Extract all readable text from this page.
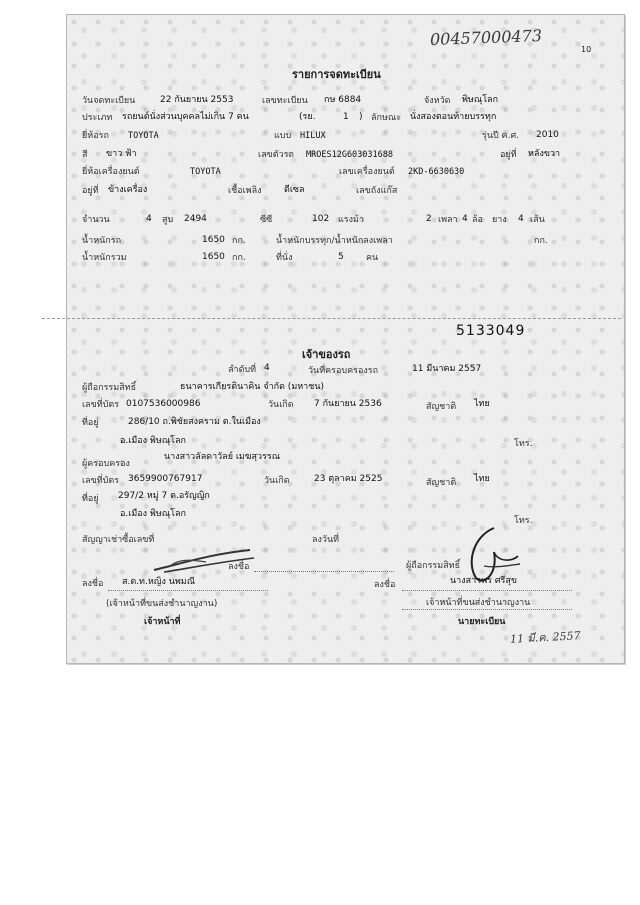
00457000473
10
รายการจดทะเบียน
วันจดทะเบียน	22 กันยายน 2553	เลขทะเบียน กษ 6884	จังหวัด พิษณุโลก
ประเภท รถยนต์นั่งส่วนบุคคลไม่เกิน 7 คน	(รย.	1 ) ลักษณะ นั่งสองตอนท้ายบรรทุก
ยี่ห้อรถ TOYOTA	แบบ HILUX	รุ่นปี ค.ศ. 2010
สี ขาว ฟ้า	เลขตัวรถ MROES12G603031688	อยู่ที่ หลังขวา
ยี่ห้อเครื่องยนต์	TOYOTA	เลขเครื่องยนต์ 2KD-6630630
อยู่ที่ ข้างเครื่อง	เชื้อเพลิง ดีเซล	เลขถังแก๊ส
จำนวน	4 สูบ 2494	ซีซี	102 แรงม้า	2 เพลา 4 ล้อ ยาง 4 เส้น
น้ำหนักรถ	1650 กก.	น้ำหนักบรรทุก/น้ำหนักลงเพลา	กก.
น้ำหนักรวม	1650 กก.	ที่นั่ง	5 คน
5133049
เจ้าของรถ
ลำดับที่ 4	วันที่ครอบครองรถ	11 มีนาคม 2557
ผู้ถือกรรมสิทธิ์	ธนาคารเกียรตินาคิน จำกัด (มหาชน)
เลขที่บัตร 0107536000986	วันเกิด 7 กันยายน 2536	สัญชาติ ไทย
ที่อยู่	286/10 ถ.พิชัยสงคราม ต.ในเมือง
อ.เมือง พิษณุโลก	โทร.
นางสาวลัลดาวัลย์ เมฆสุวรรณ
ผู้ครอบครอง
เลขที่บัตร 3659900767917	วันเกิด	23 ตุลาคม 2525	สัญชาติ ไทย
ที่อยู่ 297/2 หมู่ 7 ต.อรัญญิก
อ.เมือง พิษณุโลก
โทร.
สัญญาเช่าซื้อเลขที่	ลงวันที่
ลงชื่อ	ผู้ถือกรรมสิทธิ์
ลงชื่อ ส.ต.ท.หญิง นพมณี
(เจ้าหน้าที่ขนส่งชำนาญงาน)
เจ้าหน้าที่
ลงชื่อ	นางสาวพร ศรีสุข
เจ้าหน้าที่ขนส่งชำนาญงาน
นายทะเบียน
11 มี.ค. 2557
